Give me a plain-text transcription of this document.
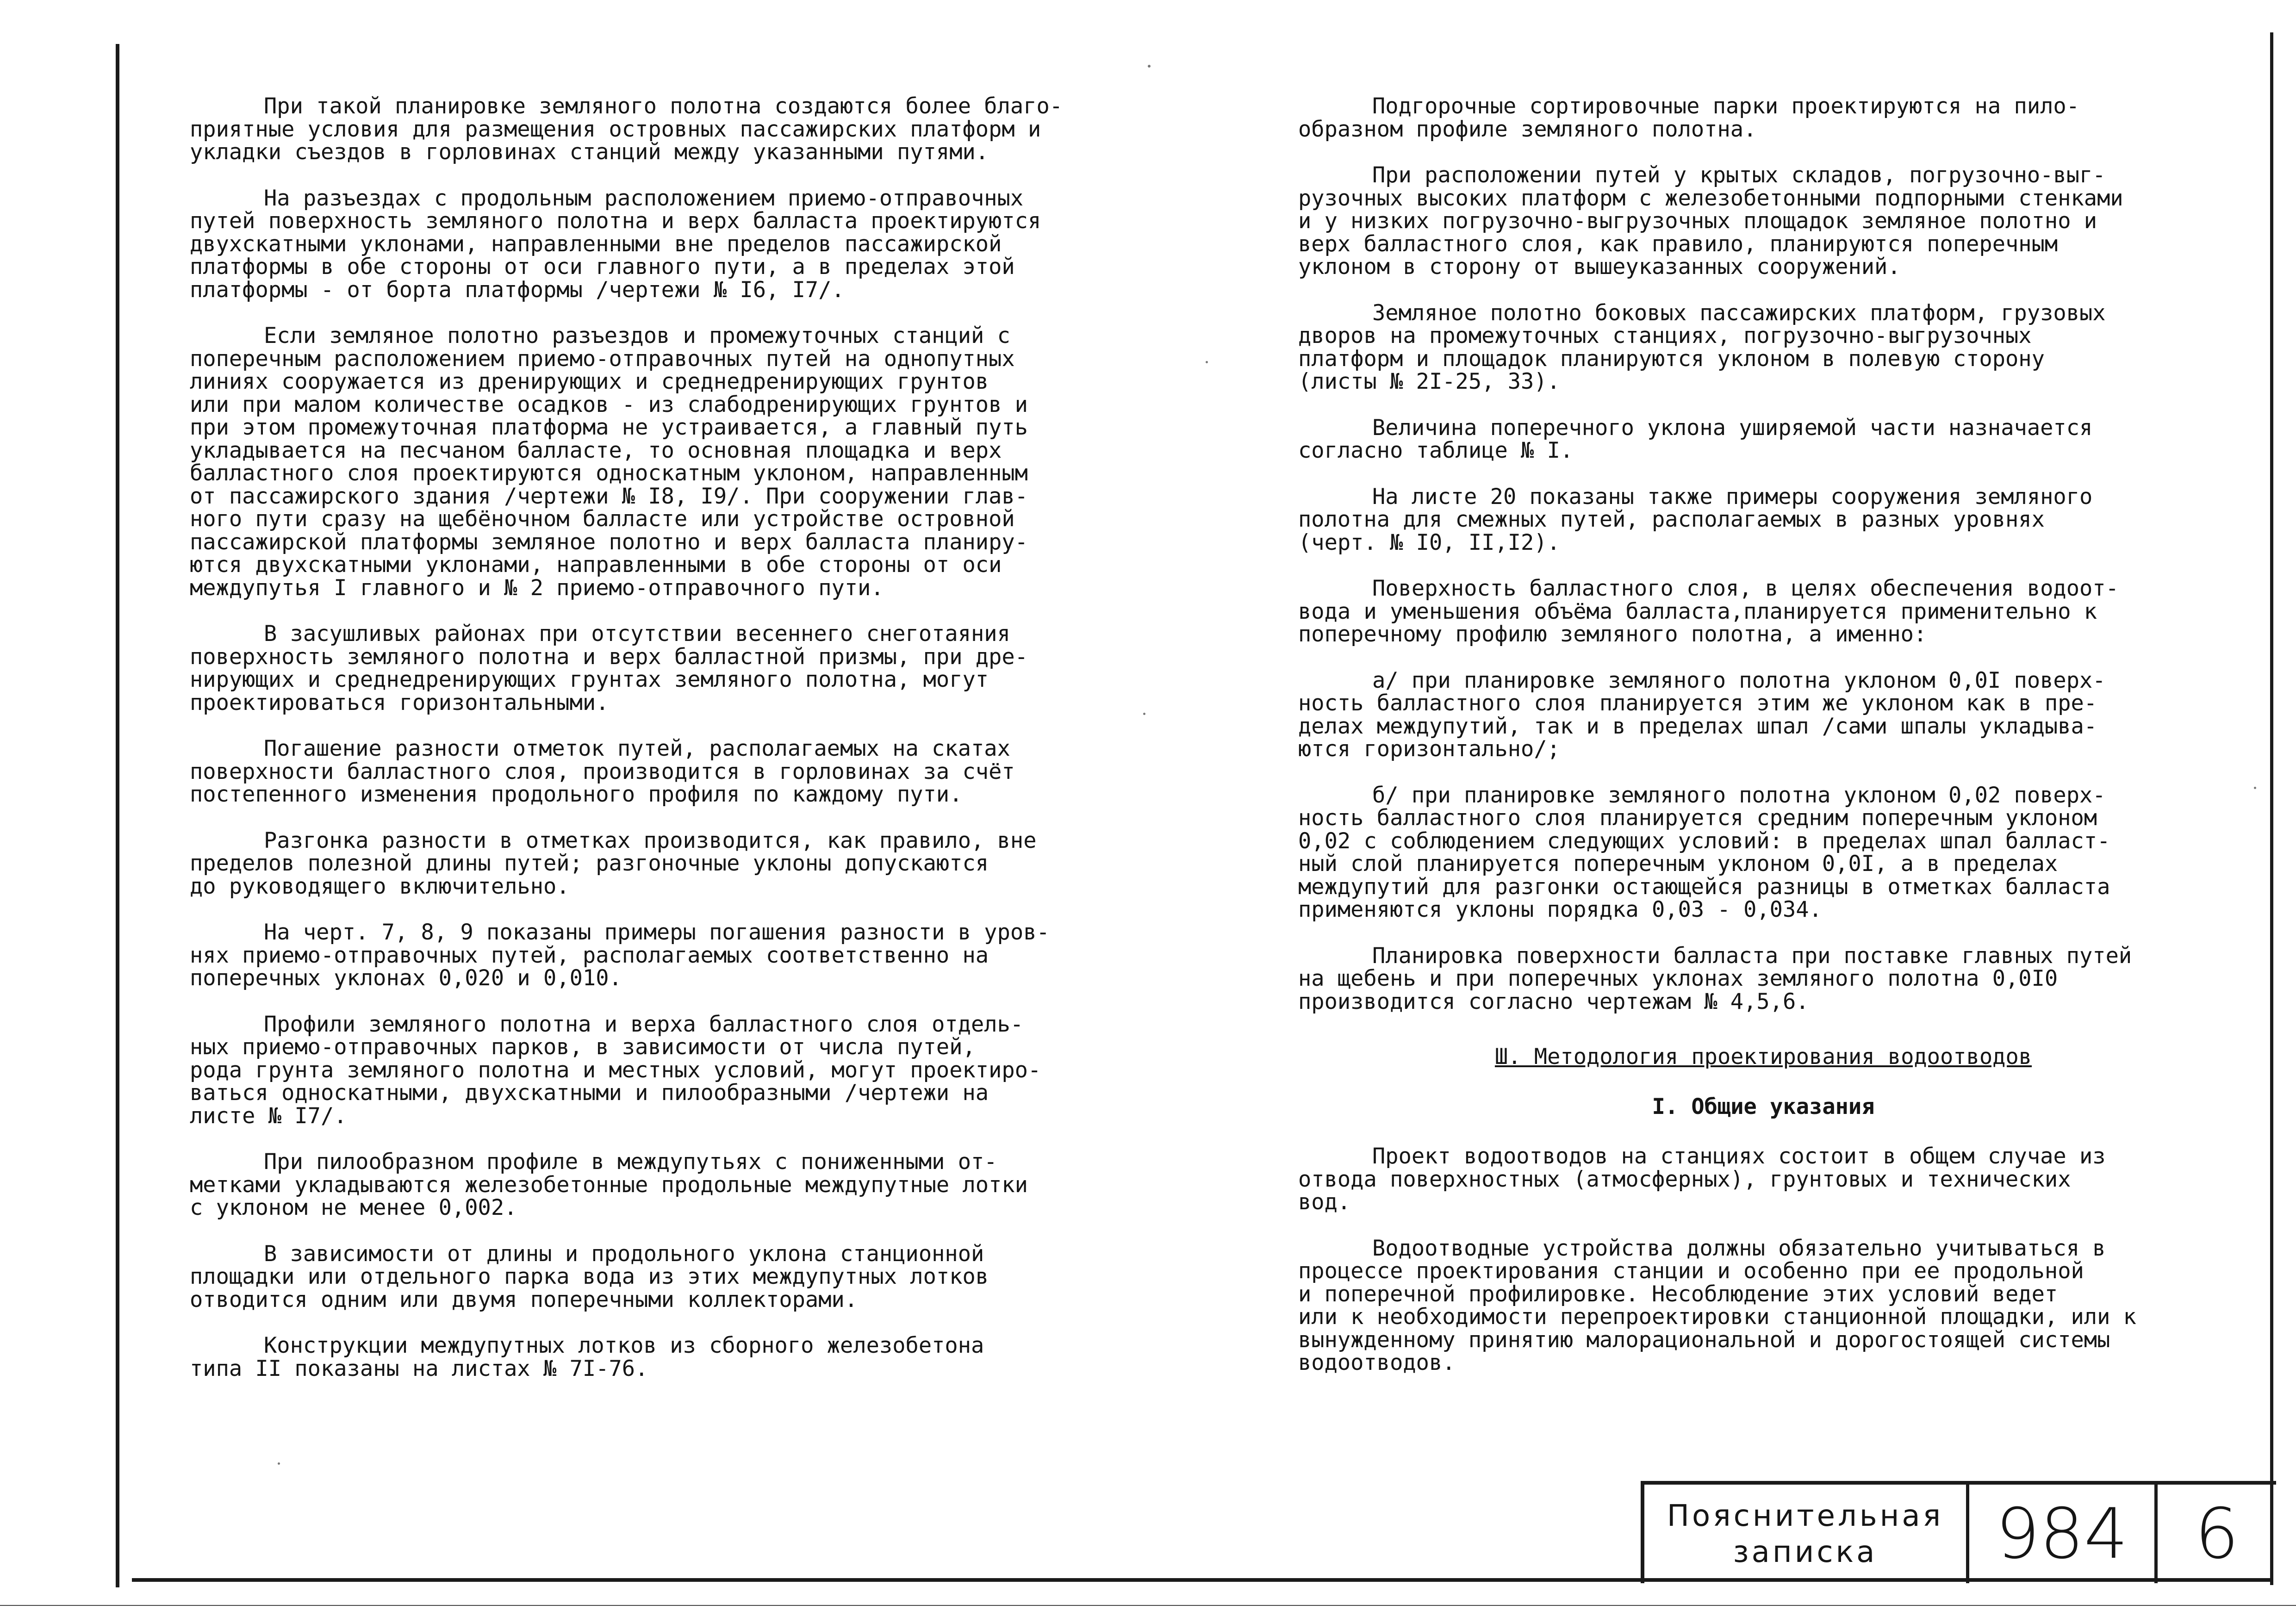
При такой планировке земляного полотна создаются более благо-
приятные условия для размещения островных пассажирских платформ и
укладки съездов в горловинах станций между указанными путями.

На разъездах с продольным расположением приемо-отправочных
путей поверхность земляного полотна и верх балласта проектируются
двухскатными уклонами, направленными вне пределов пассажирской
платформы в обе стороны от оси главного пути, а в пределах этой
платформы - от борта платформы /чертежи № I6, I7/.

Если земляное полотно разъездов и промежуточных станций с
поперечным расположением приемо-отправочных путей на однопутных
линиях сооружается из дренирующих и среднедренирующих грунтов
или при малом количестве осадков - из слабодренирующих грунтов и
при этом промежуточная платформа не устраивается, а главный путь
укладывается на песчаном балласте, то основная площадка и верх
балластного слоя проектируются односкатным уклоном, направленным
от пассажирского здания /чертежи № I8, I9/. При сооружении глав-
ного пути сразу на щебёночном балласте или устройстве островной
пассажирской платформы земляное полотно и верх балласта планиру-
ются двухскатными уклонами, направленными в обе стороны от оси
междупутья I главного и № 2 приемо-отправочного пути.

В засушливых районах при отсутствии весеннего снеготаяния
поверхность земляного полотна и верх балластной призмы, при дре-
нирующих и среднедренирующих грунтах земляного полотна, могут
проектироваться горизонтальными.

Погашение разности отметок путей, располагаемых на скатах
поверхности балластного слоя, производится в горловинах за счёт
постепенного изменения продольного профиля по каждому пути.

Разгонка разности в отметках производится, как правило, вне
пределов полезной длины путей; разгоночные уклоны допускаются
до руководящего включительно.

На черт. 7, 8, 9 показаны примеры погашения разности в уров-
нях приемо-отправочных путей, располагаемых соответственно на
поперечных уклонах 0,020 и 0,010.

Профили земляного полотна и верха балластного слоя отдель-
ных приемо-отправочных парков, в зависимости от числа путей,
рода грунта земляного полотна и местных условий, могут проектиро-
ваться односкатными, двухскатными и пилообразными /чертежи на
листе № I7/.

При пилообразном профиле в междупутьях с пониженными от-
метками укладываются железобетонные продольные междупутные лотки
с уклоном не менее 0,002.

В зависимости от длины и продольного уклона станционной
площадки или отдельного парка вода из этих междупутных лотков
отводится одним или двумя поперечными коллекторами.

Конструкции междупутных лотков из сборного железобетона
типа II показаны на листах № 7I-76.

Подгорочные сортировочные парки проектируются на пило-
образном профиле земляного полотна.

При расположении путей у крытых складов, погрузочно-выг-
рузочных высоких платформ с железобетонными подпорными стенками
и у низких погрузочно-выгрузочных площадок земляное полотно и
верх балластного слоя, как правило, планируются поперечным
уклоном в сторону от вышеуказанных сооружений.

Земляное полотно боковых пассажирских платформ, грузовых
дворов на промежуточных станциях, погрузочно-выгрузочных
платформ и площадок планируются уклоном в полевую сторону
(листы № 2I-25, 33).

Величина поперечного уклона уширяемой части назначается
согласно таблице № I.

На листе 20 показаны также примеры сооружения земляного
полотна для смежных путей, располагаемых в разных уровнях
(черт. № I0, II,I2).

Поверхность балластного слоя, в целях обеспечения водоот-
вода и уменьшения объёма балласта,планируется применительно к
поперечному профилю земляного полотна, а именно:

а/ при планировке земляного полотна уклоном 0,0I поверх-
ность балластного слоя планируется этим же уклоном как в пре-
делах междупутий, так и в пределах шпал /сами шпалы укладыва-
ются горизонтально/;

б/ при планировке земляного полотна уклоном 0,02 поверх-
ность балластного слоя планируется средним поперечным уклоном
0,02 с соблюдением следующих условий: в пределах шпал баллаcт-
ный слой планируется поперечным уклоном 0,0I, а в пределах
междупутий для разгонки остающейся разницы в отметках балласта
применяются уклоны порядка 0,03 - 0,034.

Планировка поверхности балласта при поставке главных путей
на щебень и при поперечных уклонах земляного полотна 0,0I0
производится согласно чертежам № 4,5,6.

Ш. Методология проектирования водоотводов

I. Общие указания

Проект водоотводов на станциях состоит в общем случае из
отвода поверхностных (атмосферных), грунтовых и технических
вод.

Водоотводные устройства должны обязательно учитываться в
процессе проектирования станции и особенно при ее продольной
и поперечной профилировке. Несоблюдение этих условий ведет
или к необходимости перепроектировки станционной площадки, или к
вынужденному принятию малорациональной и дорогостоящей системы
водоотводов.

Пояснительная
записка	984 6
